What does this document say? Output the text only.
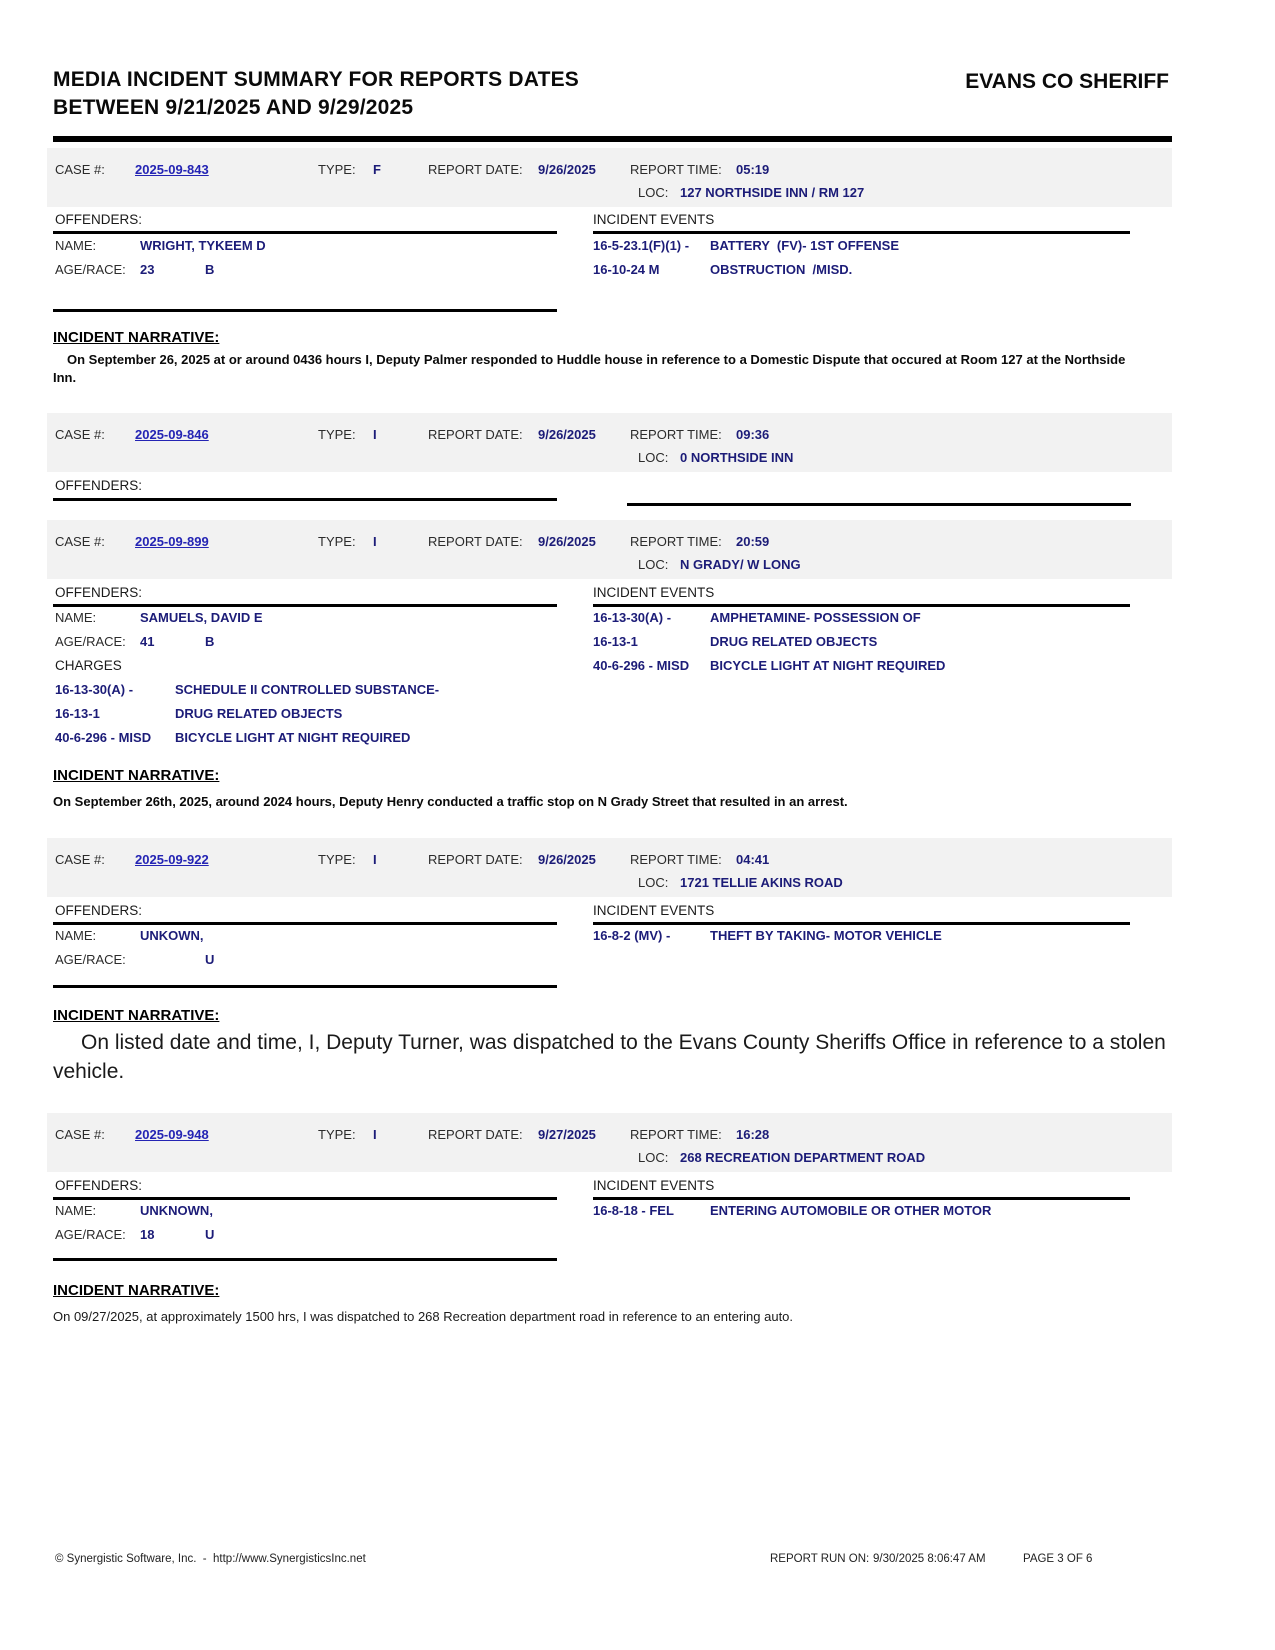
MEDIA INCIDENT SUMMARY FOR REPORTS DATES
BETWEEN 9/21/2025 AND 9/29/2025
EVANS CO SHERIFF
CASE #: 2025-09-843	TYPE: F	REPORT DATE: 9/26/2025	REPORT TIME: 05:19
LOC: 127 NORTHSIDE INN / RM 127
OFFENDERS:	INCIDENT EVENTS
NAME:	WRIGHT, TYKEEM D
AGE/RACE: 23	B
16-5-23.1(F)(1) - BATTERY  (FV)- 1ST OFFENSE
16-10-24 M	OBSTRUCTION  /MISD.
INCIDENT NARRATIVE:
On September 26, 2025 at or around 0436 hours I, Deputy Palmer responded to Huddle house in reference to a Domestic Dispute that occured at Room 127 at the Northside Inn.
CASE #: 2025-09-846	TYPE: I	REPORT DATE: 9/26/2025	REPORT TIME: 09:36
LOC: 0 NORTHSIDE INN
OFFENDERS:
CASE #: 2025-09-899	TYPE: I	REPORT DATE: 9/26/2025	REPORT TIME: 20:59
LOC: N GRADY/ W LONG
OFFENDERS:	INCIDENT EVENTS
NAME:	SAMUELS, DAVID E
AGE/RACE: 41	B
CHARGES
16-13-30(A) -	SCHEDULE II CONTROLLED SUBSTANCE-
16-13-1	DRUG RELATED OBJECTS
40-6-296 - MISD BICYCLE LIGHT AT NIGHT REQUIRED
16-13-30(A) -	AMPHETAMINE- POSSESSION OF
16-13-1	DRUG RELATED OBJECTS
40-6-296 - MISD BICYCLE LIGHT AT NIGHT REQUIRED
INCIDENT NARRATIVE:
On September 26th, 2025, around 2024 hours, Deputy Henry conducted a traffic stop on N Grady Street that resulted in an arrest.
CASE #: 2025-09-922	TYPE: I	REPORT DATE: 9/26/2025	REPORT TIME: 04:41
LOC: 1721 TELLIE AKINS ROAD
OFFENDERS:	INCIDENT EVENTS
NAME:	UNKOWN,
AGE/RACE:	U
16-8-2 (MV) -	THEFT BY TAKING- MOTOR VEHICLE
INCIDENT NARRATIVE:
On listed date and time, I, Deputy Turner, was dispatched to the Evans County Sheriffs Office in reference to a stolen vehicle.
CASE #: 2025-09-948	TYPE: I	REPORT DATE: 9/27/2025	REPORT TIME: 16:28
LOC: 268 RECREATION DEPARTMENT ROAD
OFFENDERS:	INCIDENT EVENTS
NAME:	UNKNOWN,
AGE/RACE: 18	U
16-8-18 - FEL	ENTERING AUTOMOBILE OR OTHER MOTOR
INCIDENT NARRATIVE:
On 09/27/2025, at approximately 1500 hrs, I was dispatched to 268 Recreation department road in reference to an entering auto.
© Synergistic Software, Inc.  -  http://www.SynergisticsInc.net	REPORT RUN ON: 9/30/2025 8:06:47 AM	PAGE 3 OF 6
